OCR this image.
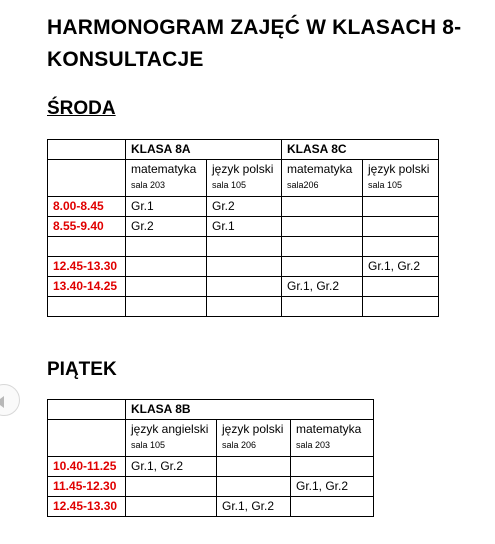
HARMONOGRAM ZAJĘĆ W KLASACH 8-KONSULTACJE
ŚRODA
	KLASA 8A		KLASA 8C	

	matematyka
sala 203	język polski
sala 105	matematyka
sala206	język polski
sala 105

8.00-8.45	Gr.1	Gr.2		
8.55-9.40	Gr.2	Gr.1		

12.45-13.30				Gr.1, Gr.2
13.40-14.25			Gr.1, Gr.2	

PIĄTEK
	KLASA 8B		

	język angielski
sala 105	język polski
sala 206	matematyka
sala 203

10.40-11.25	Gr.1, Gr.2		
11.45-12.30			Gr.1, Gr.2
12.45-13.30		Gr.1, Gr.2	
